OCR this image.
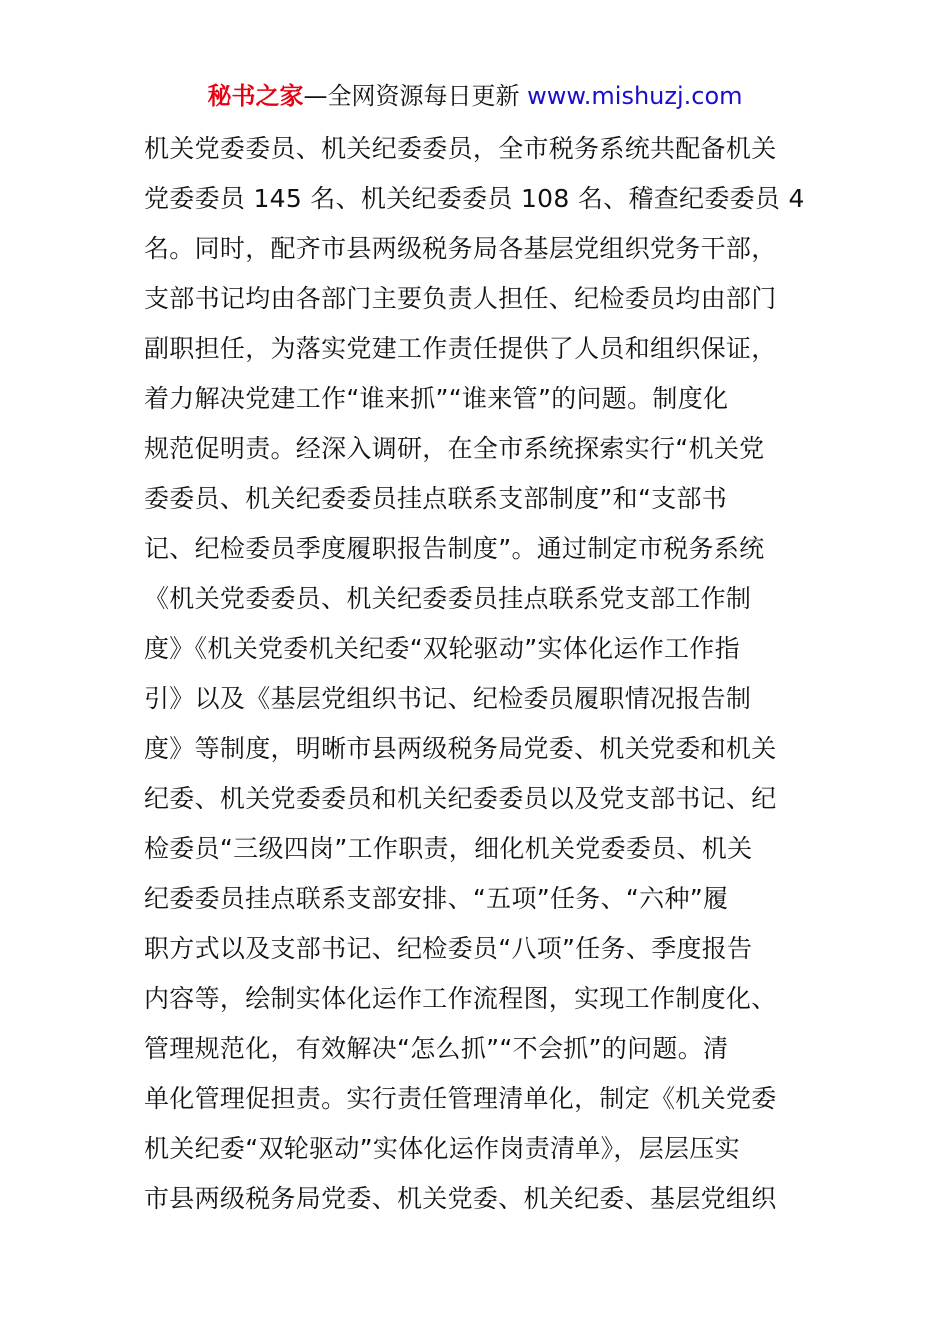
秘书之家—全网资源每日更新 www.mishuzj.com
机关党委委员、机关纪委委员，全市税务系统共配备机关
党委委员 145 名、机关纪委委员 108 名、稽查纪委委员 4
名。同时，配齐市县两级税务局各基层党组织党务干部，
支部书记均由各部门主要负责人担任、纪检委员均由部门
副职担任，为落实党建工作责任提供了人员和组织保证，
着力解决党建工作“谁来抓”“谁来管”的问题。制度化
规范促明责。经深入调研，在全市系统探索实行“机关党
委委员、机关纪委委员挂点联系支部制度”和“支部书
记、纪检委员季度履职报告制度”。通过制定市税务系统
《机关党委委员、机关纪委委员挂点联系党支部工作制
度》《机关党委机关纪委“双轮驱动”实体化运作工作指
引》以及《基层党组织书记、纪检委员履职情况报告制
度》等制度，明晰市县两级税务局党委、机关党委和机关
纪委、机关党委委员和机关纪委委员以及党支部书记、纪
检委员“三级四岗”工作职责，细化机关党委委员、机关
纪委委员挂点联系支部安排、“五项”任务、“六种”履
职方式以及支部书记、纪检委员“八项”任务、季度报告
内容等，绘制实体化运作工作流程图，实现工作制度化、
管理规范化，有效解决“怎么抓”“不会抓”的问题。清
单化管理促担责。实行责任管理清单化，制定《机关党委
机关纪委“双轮驱动”实体化运作岗责清单》，层层压实
市县两级税务局党委、机关党委、机关纪委、基层党组织
